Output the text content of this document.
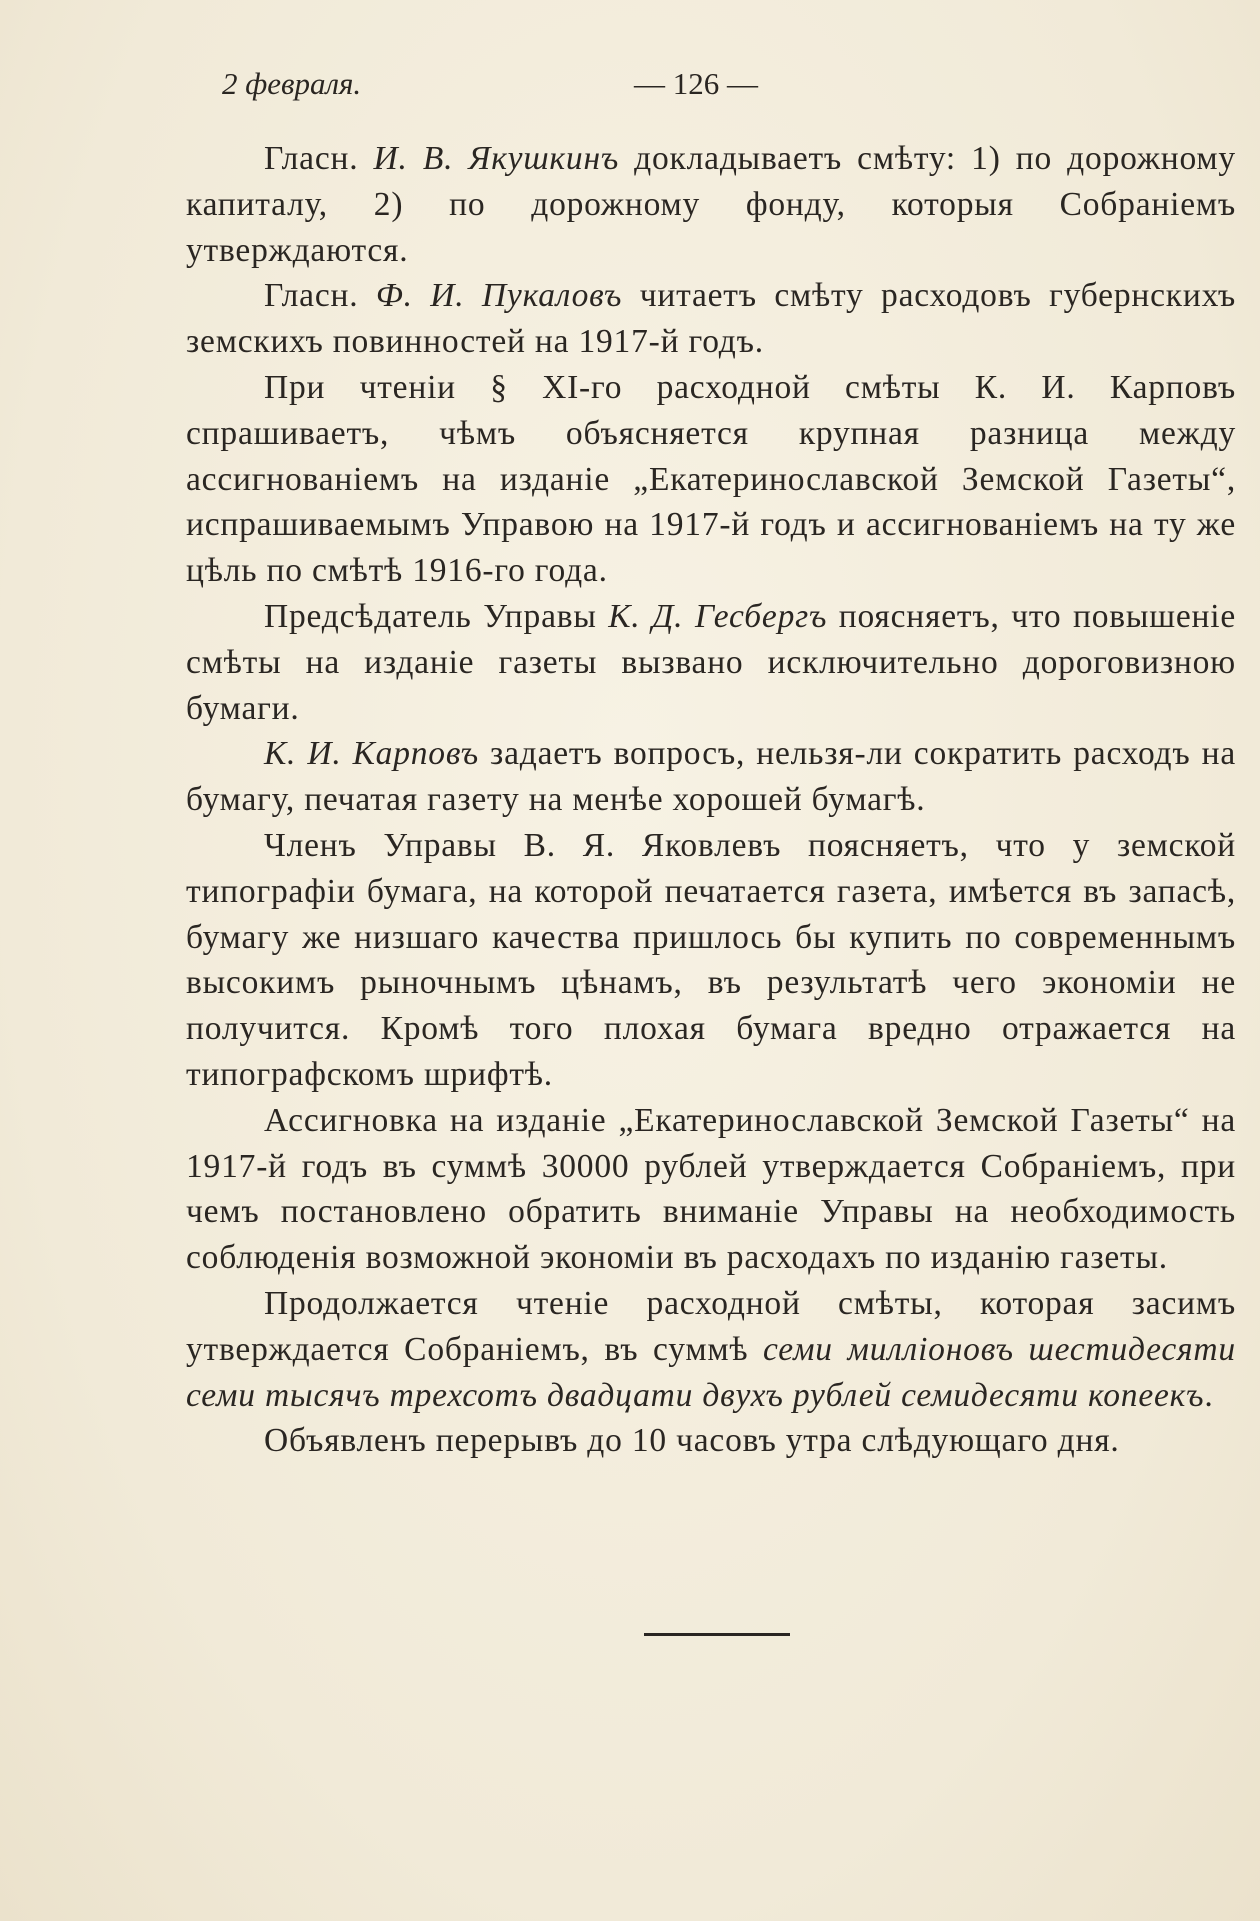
2 февраля.	— 126 —

Гласн. И. В. Якушкинъ докладываетъ смѣту: 1) по дорожному капиталу, 2) по дорожному фонду, которыя Собраніемъ утверждаются.

Гласн. Ф. И. Пукаловъ читаетъ смѣту расходовъ губернскихъ земскихъ повинностей на 1917-й годъ.

При чтеніи § XI-го расходной смѣты К. И. Карповъ спрашиваетъ, чѣмъ объясняется крупная разница между ассигнованіемъ на изданіе „Екатеринославской Земской Газеты“, испрашиваемымъ Управою на 1917-й годъ и ассигнованіемъ на ту же цѣль по смѣтѣ 1916-го года.

Предсѣдатель Управы К. Д. Гесбергъ поясняетъ, что повышеніе смѣты на изданіе газеты вызвано исключительно дороговизною бумаги.

К. И. Карповъ задаетъ вопросъ, нельзя-ли сократить расходъ на бумагу, печатая газету на менѣе хорошей бумагѣ.

Членъ Управы В. Я. Яковлевъ поясняетъ, что у земской типографіи бумага, на которой печатается газета, имѣется въ запасѣ, бумагу же низшаго качества пришлось бы купить по современнымъ высокимъ рыночнымъ цѣнамъ, въ результатѣ чего экономіи не получится. Кромѣ того плохая бумага вредно отражается на типографскомъ шрифтѣ.

Ассигновка на изданіе „Екатеринославской Земской Газеты“ на 1917-й годъ въ суммѣ 30000 рублей утверждается Собраніемъ, при чемъ постановлено обратить вниманіе Управы на необходимость соблюденія возможной экономіи въ расходахъ по изданію газеты.

Продолжается чтеніе расходной смѣты, которая засимъ утверждается Собраніемъ, въ суммѣ семи милліоновъ шестидесяти семи тысячъ трехсотъ двадцати двухъ рублей семидесяти копеекъ.

Объявленъ перерывъ до 10 часовъ утра слѣдующаго дня.
